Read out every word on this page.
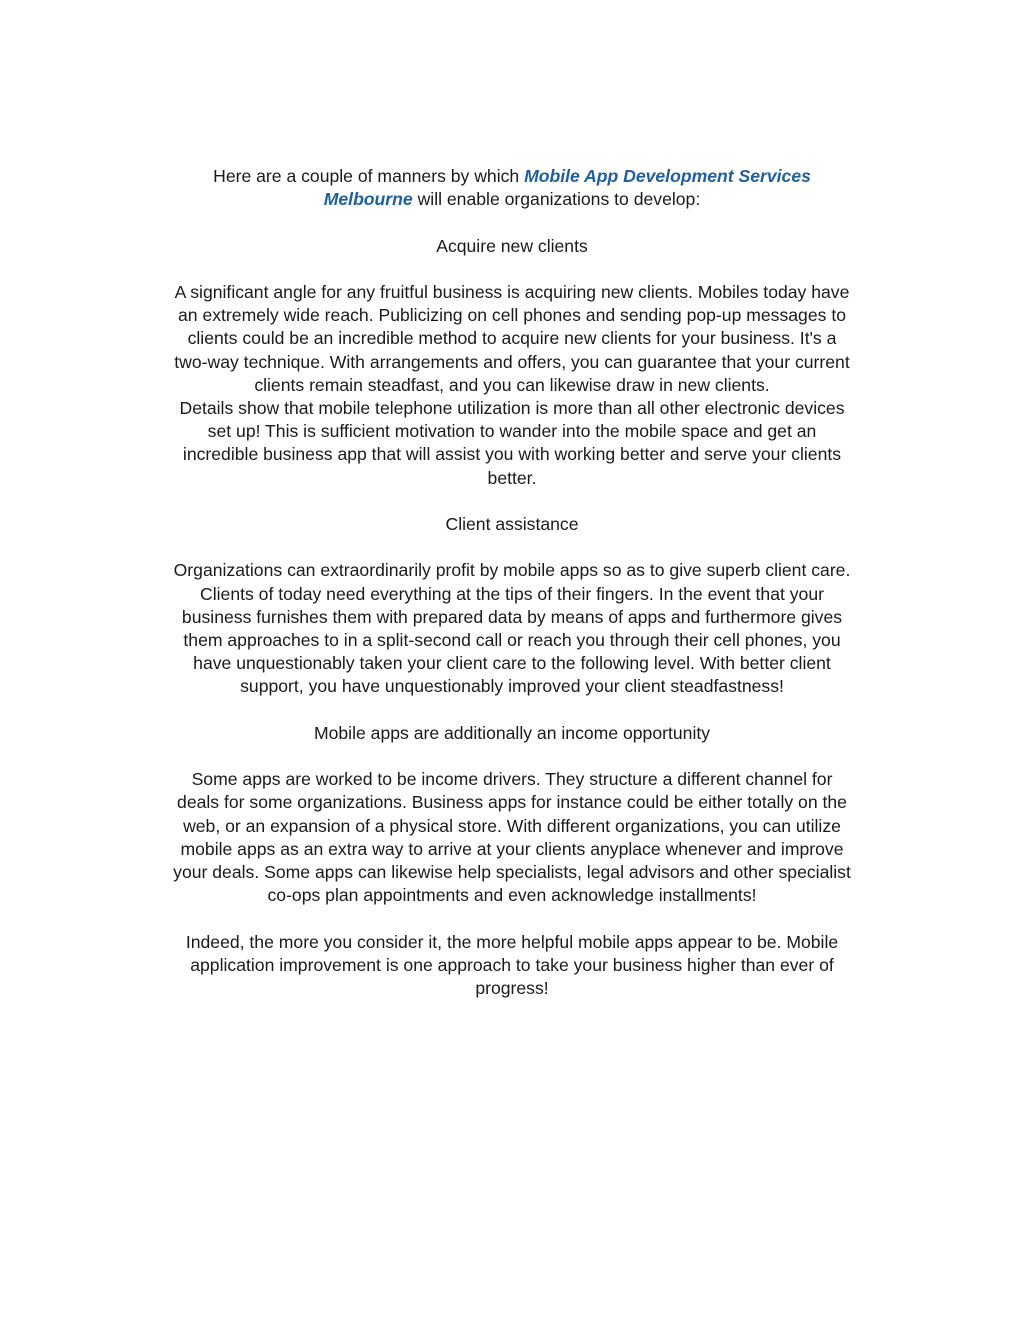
Here are a couple of manners by which Mobile App Development Services
Melbourne will enable organizations to develop:

Acquire new clients

A significant angle for any fruitful business is acquiring new clients. Mobiles today have
an extremely wide reach. Publicizing on cell phones and sending pop-up messages to
clients could be an incredible method to acquire new clients for your business. It's a
two-way technique. With arrangements and offers, you can guarantee that your current
clients remain steadfast, and you can likewise draw in new clients.
Details show that mobile telephone utilization is more than all other electronic devices
set up! This is sufficient motivation to wander into the mobile space and get an
incredible business app that will assist you with working better and serve your clients
better.

Client assistance

Organizations can extraordinarily profit by mobile apps so as to give superb client care.
Clients of today need everything at the tips of their fingers. In the event that your
business furnishes them with prepared data by means of apps and furthermore gives
them approaches to in a split-second call or reach you through their cell phones, you
have unquestionably taken your client care to the following level. With better client
support, you have unquestionably improved your client steadfastness!

Mobile apps are additionally an income opportunity

Some apps are worked to be income drivers. They structure a different channel for
deals for some organizations. Business apps for instance could be either totally on the
web, or an expansion of a physical store. With different organizations, you can utilize
mobile apps as an extra way to arrive at your clients anyplace whenever and improve
your deals. Some apps can likewise help specialists, legal advisors and other specialist
co-ops plan appointments and even acknowledge installments!

Indeed, the more you consider it, the more helpful mobile apps appear to be. Mobile
application improvement is one approach to take your business higher than ever of
progress!
